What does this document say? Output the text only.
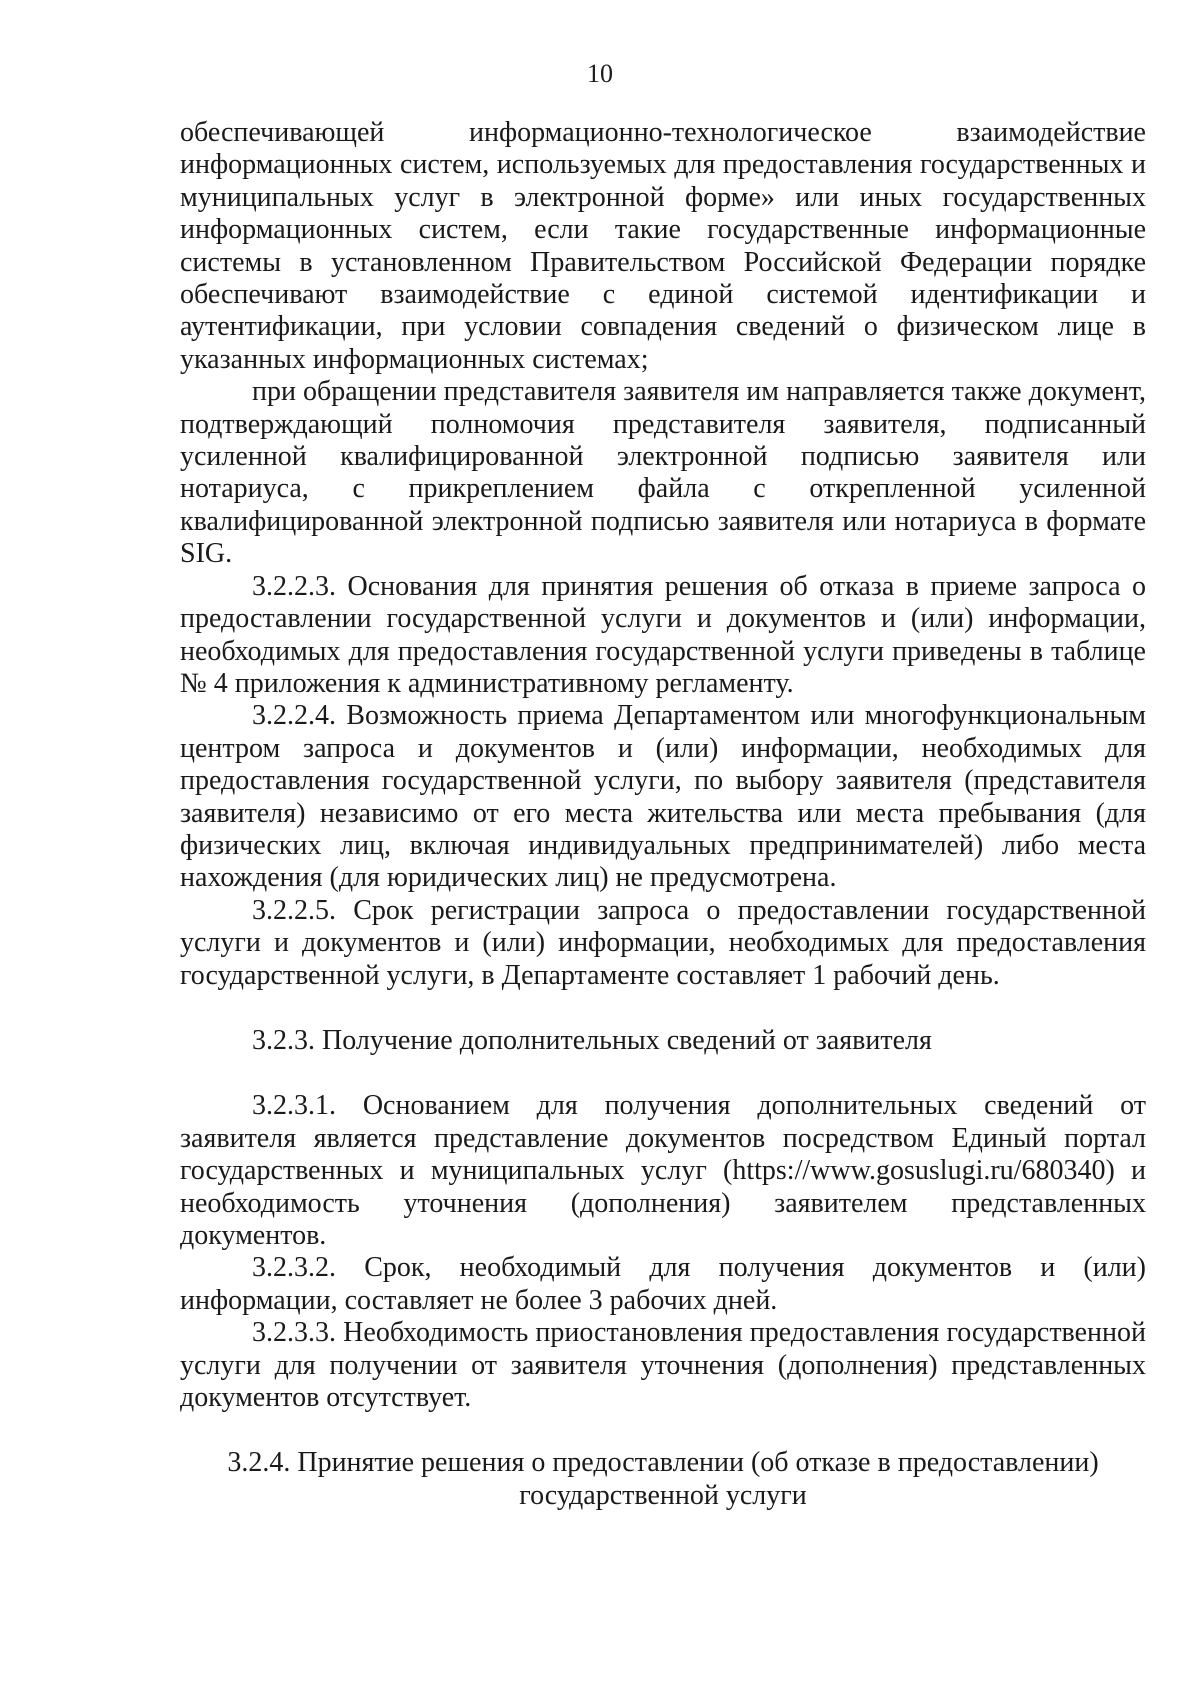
10

обеспечивающей информационно-технологическое взаимодействие информационных систем, используемых для предоставления государственных и муниципальных услуг в электронной форме» или иных государственных информационных систем, если такие государственные информационные системы в установленном Правительством Российской Федерации порядке обеспечивают взаимодействие с единой системой идентификации и аутентификации, при условии совпадения сведений о физическом лице в указанных информационных системах;

при обращении представителя заявителя им направляется также документ, подтверждающий полномочия представителя заявителя, подписанный усиленной квалифицированной электронной подписью заявителя или нотариуса, с прикреплением файла с открепленной усиленной квалифицированной электронной подписью заявителя или нотариуса в формате SIG.

3.2.2.3. Основания для принятия решения об отказа в приеме запроса о предоставлении государственной услуги и документов и (или) информации, необходимых для предоставления государственной услуги приведены в таблице № 4 приложения к административному регламенту.

3.2.2.4. Возможность приема Департаментом или многофункциональным центром запроса и документов и (или) информации, необходимых для предоставления государственной услуги, по выбору заявителя (представителя заявителя) независимо от его места жительства или места пребывания (для физических лиц, включая индивидуальных предпринимателей) либо места нахождения (для юридических лиц) не предусмотрена.

3.2.2.5. Срок регистрации запроса о предоставлении государственной услуги и документов и (или) информации, необходимых для предоставления государственной услуги, в Департаменте составляет 1 рабочий день.

3.2.3. Получение дополнительных сведений от заявителя

3.2.3.1. Основанием для получения дополнительных сведений от заявителя является представление документов посредством Единый портал государственных и муниципальных услуг (https://www.gosuslugi.ru/680340) и необходимость уточнения (дополнения) заявителем представленных документов.

3.2.3.2. Срок, необходимый для получения документов и (или) информации, составляет не более 3 рабочих дней.

3.2.3.3. Необходимость приостановления предоставления государственной услуги для получении от заявителя уточнения (дополнения) представленных документов отсутствует.

3.2.4. Принятие решения о предоставлении (об отказе в предоставлении)
государственной услуги
